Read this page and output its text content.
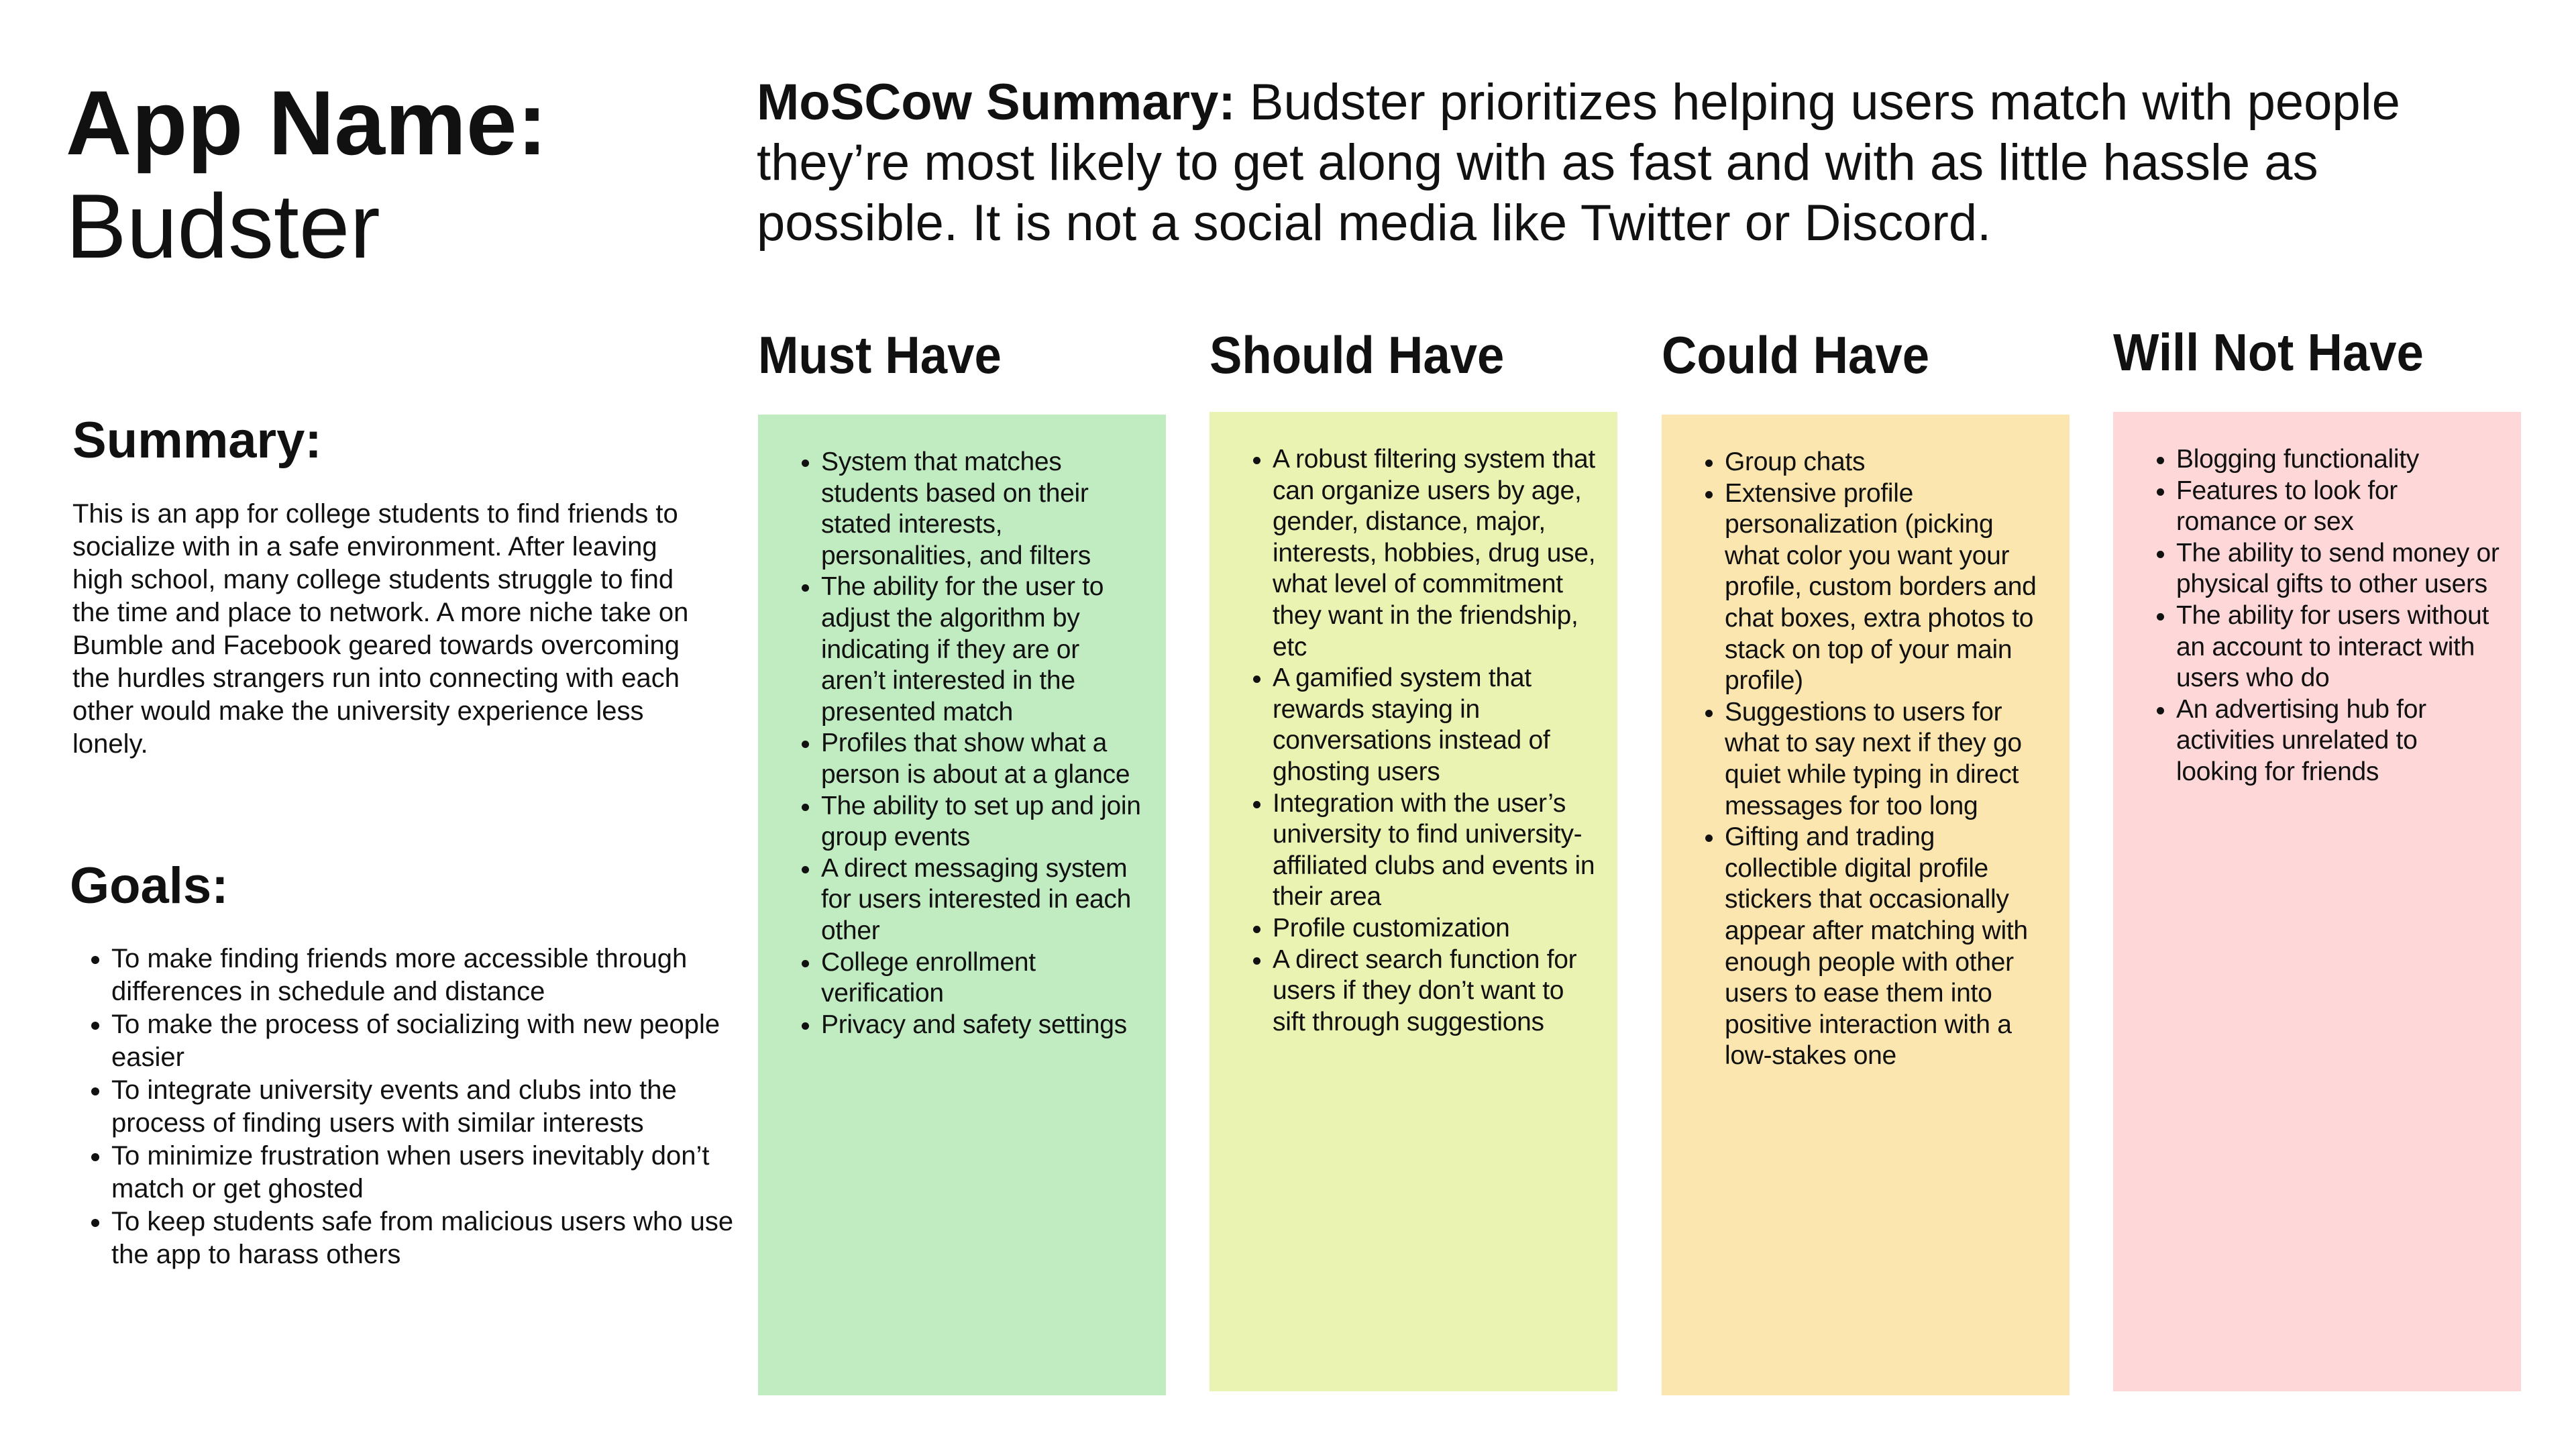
App Name:
Budster

MoSCow Summary: Budster prioritizes helping users match with people they’re most likely to get along with as fast and with as little hassle as possible. It is not a social media like Twitter or Discord.

Summary:

This is an app for college students to find friends to socialize with in a safe environment. After leaving high school, many college students struggle to find the time and place to network. A more niche take on Bumble and Facebook geared towards overcoming the hurdles strangers run into connecting with each other would make the university experience less lonely.

Goals:
• To make finding friends more accessible through differences in schedule and distance
• To make the process of socializing with new people easier
• To integrate university events and clubs into the process of finding users with similar interests
• To minimize frustration when users inevitably don’t match or get ghosted
• To keep students safe from malicious users who use the app to harass others
Must Have
• System that matches students based on their stated interests, personalities, and filters
• The ability for the user to adjust the algorithm by indicating if they are or aren’t interested in the presented match
• Profiles that show what a person is about at a glance
• The ability to set up and join group events
• A direct messaging system for users interested in each other
• College enrollment verification
• Privacy and safety settings
Should Have
• A robust filtering system that can organize users by age, gender, distance, major, interests, hobbies, drug use, what level of commitment they want in the friendship, etc
• A gamified system that rewards staying in conversations instead of ghosting users
• Integration with the user’s university to find university-affiliated clubs and events in their area
• Profile customization
• A direct search function for users if they don’t want to sift through suggestions
Could Have
• Group chats
• Extensive profile personalization (picking what color you want your profile, custom borders and chat boxes, extra photos to stack on top of your main profile)
• Suggestions to users for what to say next if they go quiet while typing in direct messages for too long
• Gifting and trading collectible digital profile stickers that occasionally appear after matching with enough people with other users to ease them into positive interaction with a low-stakes one
Will Not Have
• Blogging functionality
• Features to look for romance or sex
• The ability to send money or physical gifts to other users
• The ability for users without an account to interact with users who do
• An advertising hub for activities unrelated to looking for friends
